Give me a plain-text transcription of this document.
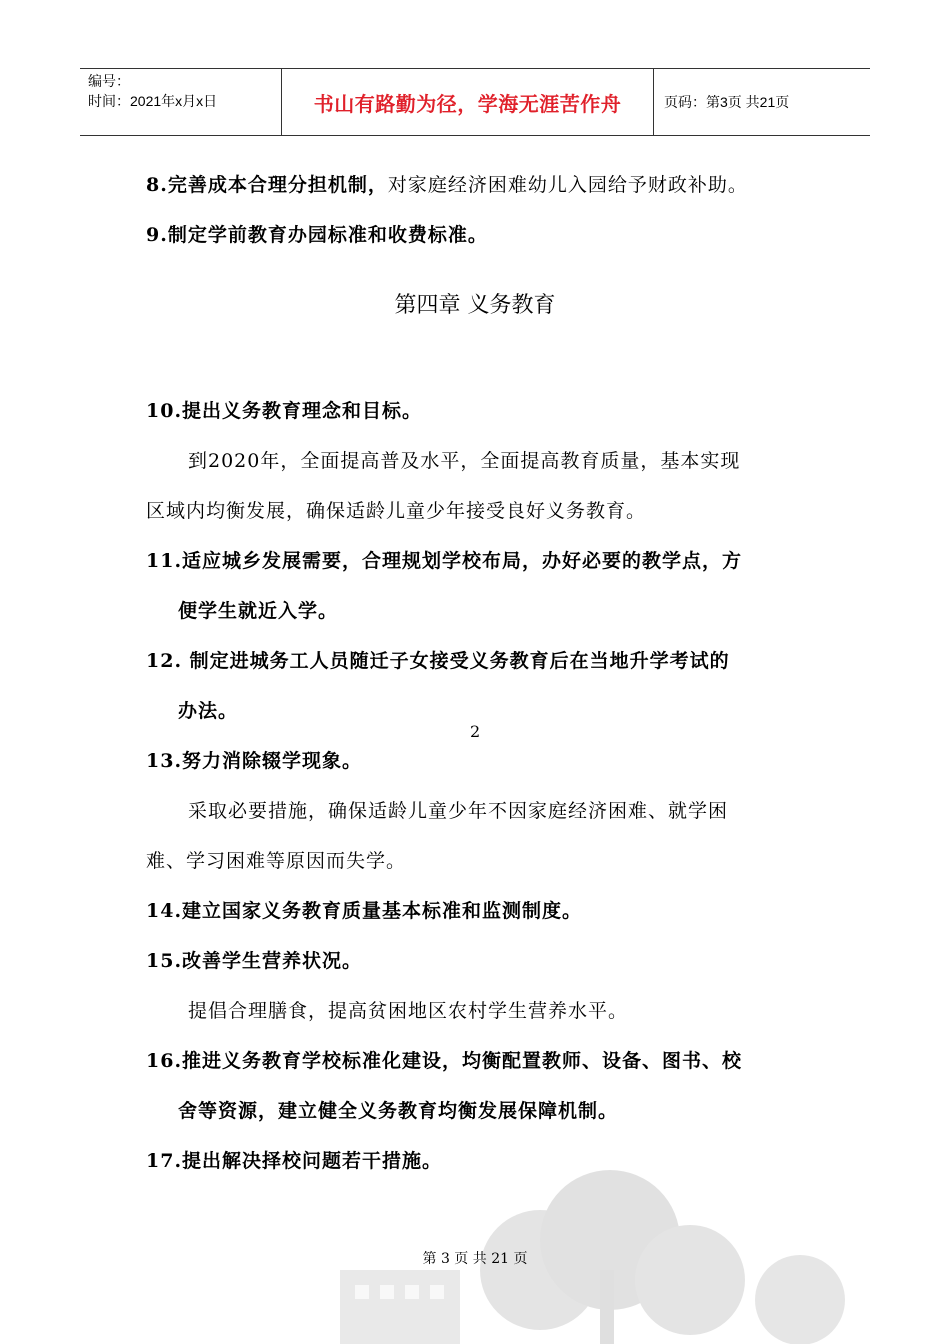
编号：
时间：2021年x月x日	书山有路勤为径，学海无涯苦作舟	页码：第3页 共21页
8.完善成本合理分担机制，对家庭经济困难幼儿入园给予财政补助。
9.制定学前教育办园标准和收费标准。
第四章 义务教育
10.提出义务教育理念和目标。
到2020年，全面提高普及水平，全面提高教育质量，基本实现
区域内均衡发展，确保适龄儿童少年接受良好义务教育。
11.适应城乡发展需要，合理规划学校布局，办好必要的教学点，方
便学生就近入学。
12. 制定进城务工人员随迁子女接受义务教育后在当地升学考试的
办法。
2
13.努力消除辍学现象。
采取必要措施，确保适龄儿童少年不因家庭经济困难、就学困
难、学习困难等原因而失学。
14.建立国家义务教育质量基本标准和监测制度。
15.改善学生营养状况。
提倡合理膳食，提高贫困地区农村学生营养水平。
16.推进义务教育学校标准化建设，均衡配置教师、设备、图书、校
舍等资源，建立健全义务教育均衡发展保障机制。
17.提出解决择校问题若干措施。
第 3 页 共 21 页
